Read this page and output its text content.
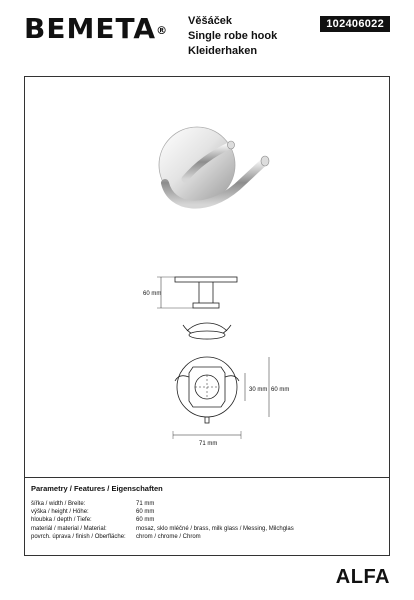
BEMETA®
Věšáček
Single robe hook
Kleiderhaken
102406022
60 mm
30 mm 60 mm
71 mm
Parametry / Features / Eigenschaften
šířka / width / Breite:	71 mm
výška / height / Höhe:	60 mm
hloubka / depth / Tiefe:	60 mm
materiál / material / Material:	mosaz, sklo mléčné / brass, milk glass / Messing, Milchglas
povrch. úprava / finish / Oberfläche:	chrom / chrome / Chrom
ALFA
